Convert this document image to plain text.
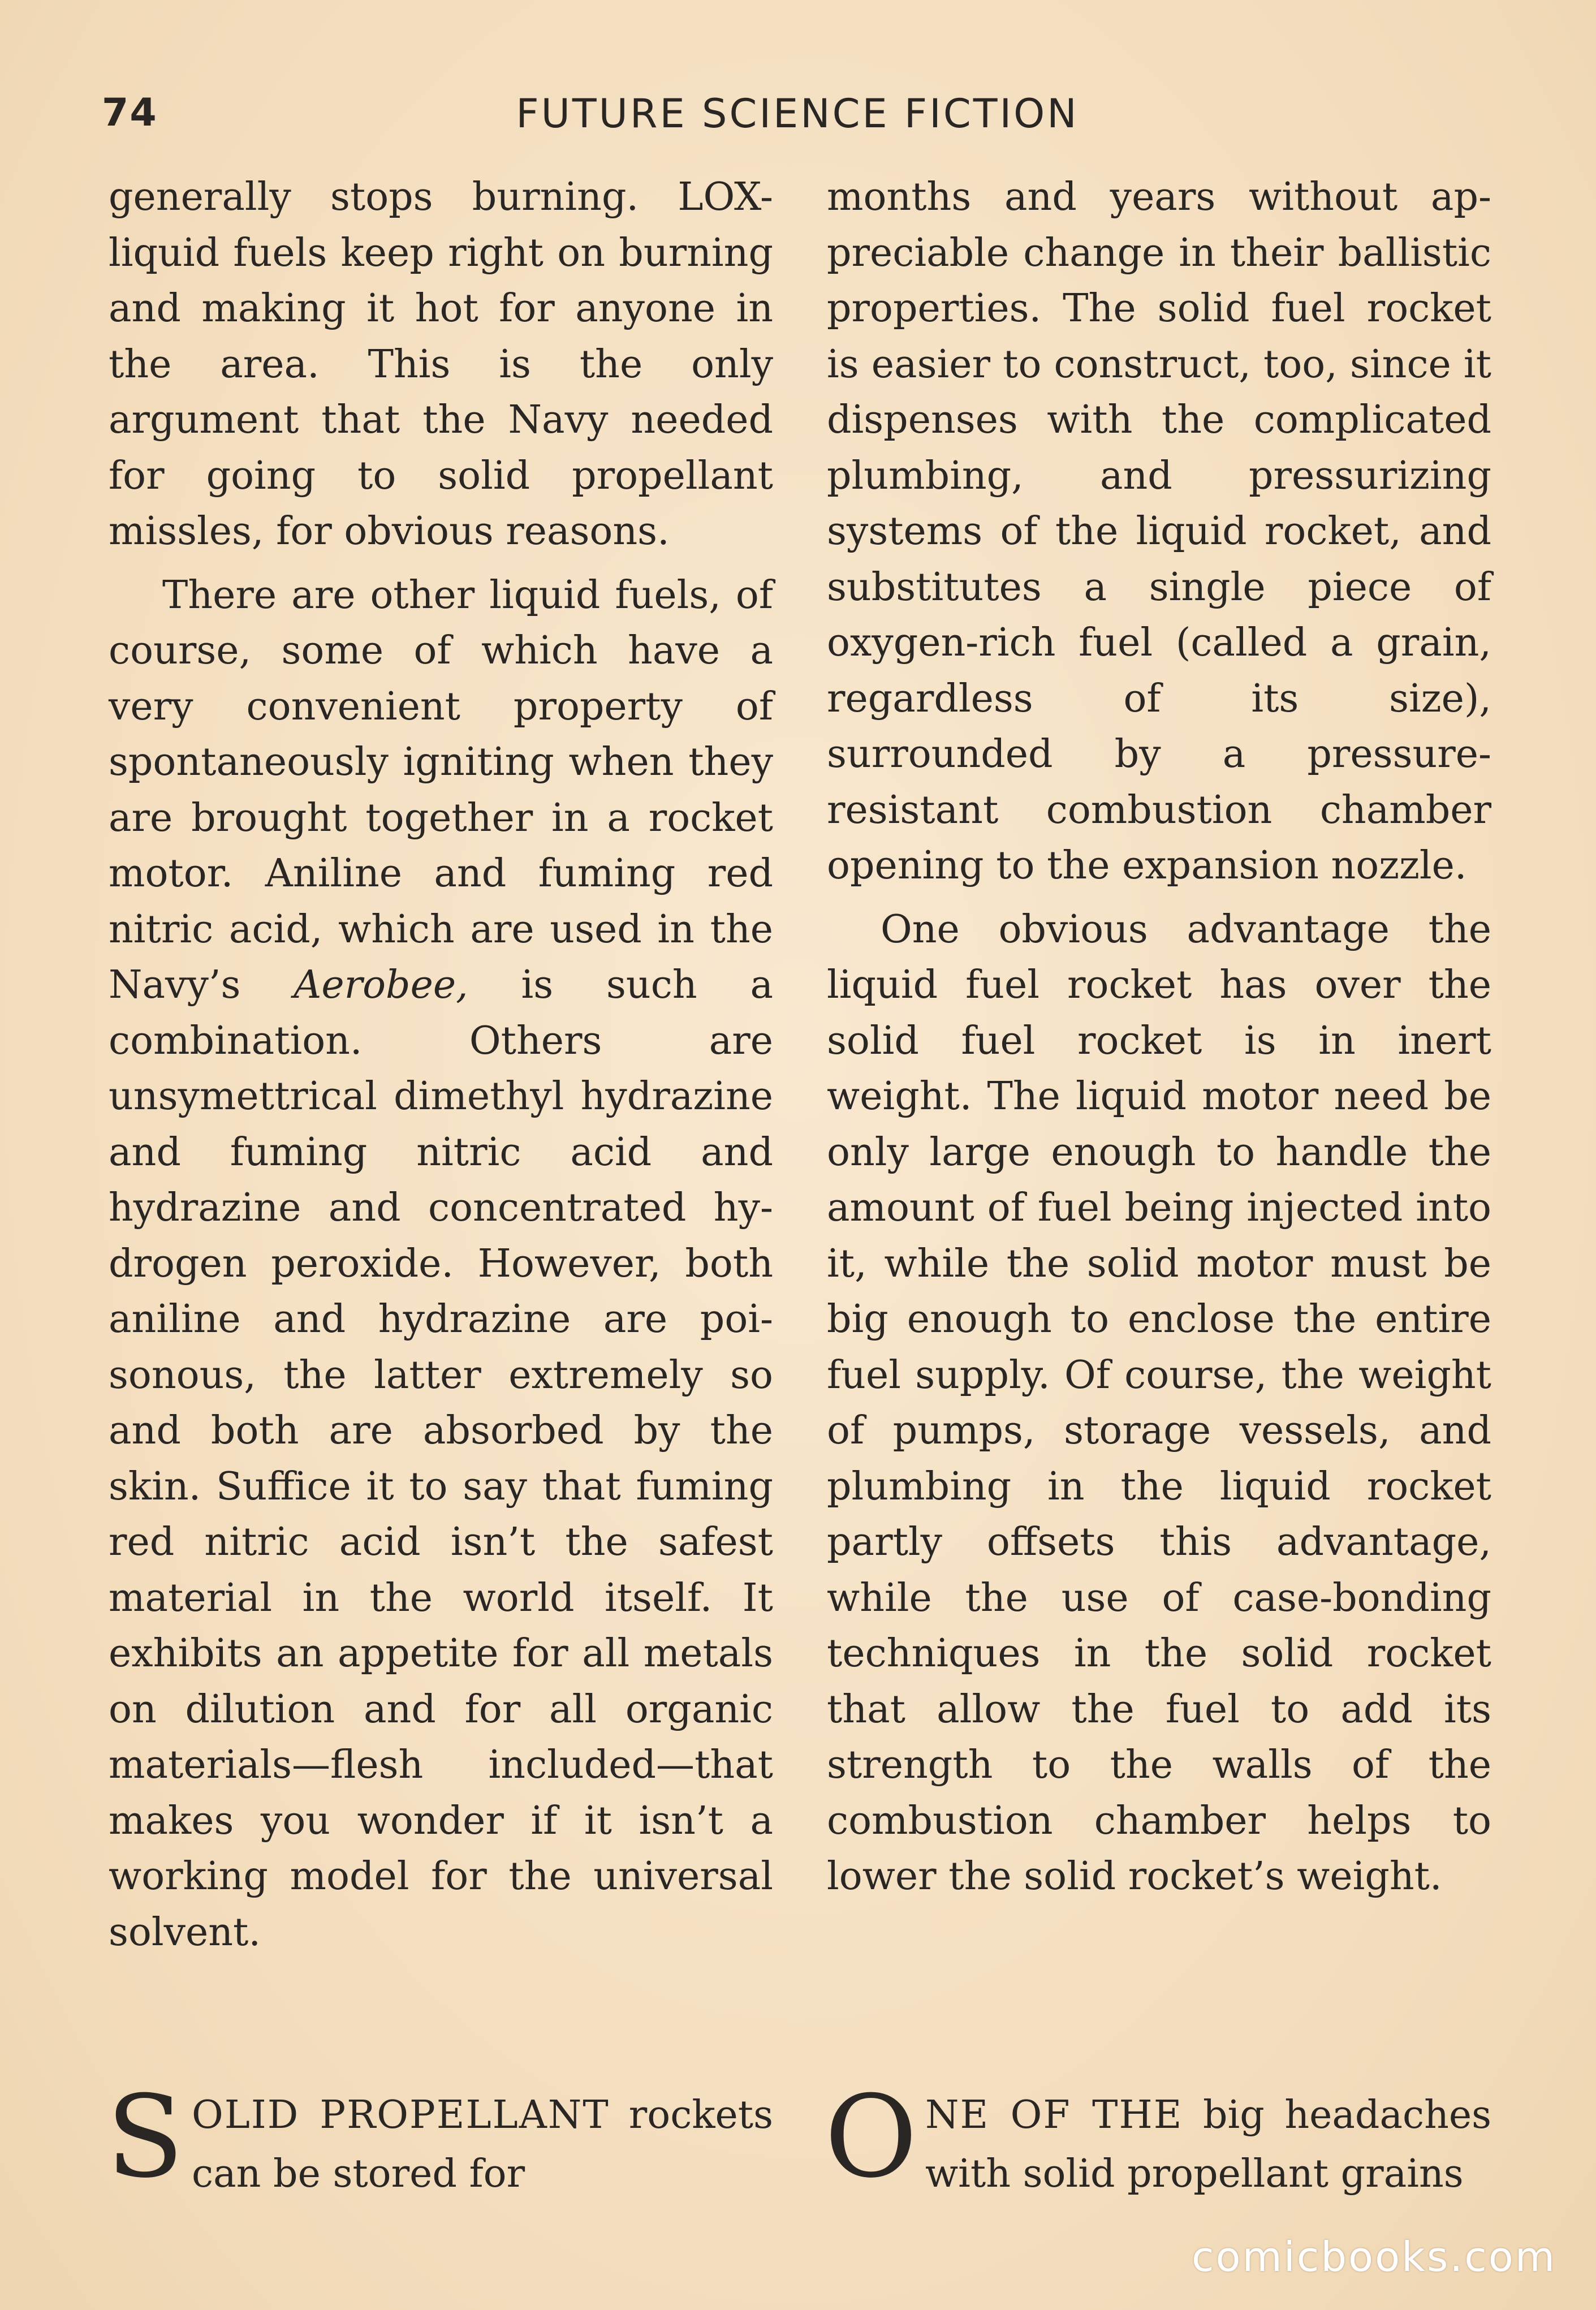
74	FUTURE SCIENCE FICTION

generally stops burning. LOX-liquid fuels keep right on burning and making it hot for anyone in the area. This is the only argument that the Navy needed for going to solid propellant missles, for obvious reasons.

There are other liquid fuels, of course, some of which have a very convenient property of spontaneously igniting when they are brought together in a rocket motor. Aniline and fuming red nitric acid, which are used in the Navy’s Aerobee, is such a combination. Others are unsymettrical dimethyl hydrazine and fuming nitric acid and hydrazine and concentrated hydrogen peroxide. However, both aniline and hydrazine are poisonous, the latter extremely so and both are absorbed by the skin. Suffice it to say that fuming red nitric acid isn’t the safest material in the world itself. It exhibits an appetite for all metals on dilution and for all organic materials—flesh included—that makes you wonder if it isn’t a working model for the universal solvent.

months and years without appreciable change in their ballistic properties. The solid fuel rocket is easier to construct, too, since it dispenses with the complicated plumbing, and pressurizing systems of the liquid rocket, and substitutes a single piece of oxygen-rich fuel (called a grain, regardless of its size), surrounded by a pressure-resistant combustion chamber opening to the expansion nozzle.

One obvious advantage the liquid fuel rocket has over the solid fuel rocket is in inert weight. The liquid motor need be only large enough to handle the amount of fuel being injected into it, while the solid motor must be big enough to enclose the entire fuel supply. Of course, the weight of pumps, storage vessels, and plumbing in the liquid rocket partly offsets this advantage, while the use of case-bonding techniques in the solid rocket that allow the fuel to add its strength to the walls of the combustion chamber helps to lower the solid rocket’s weight.

SOLID PROPELLANT rockets can be stored for	ONE OF THE big headaches with solid propellant grains
comicbooks.com
